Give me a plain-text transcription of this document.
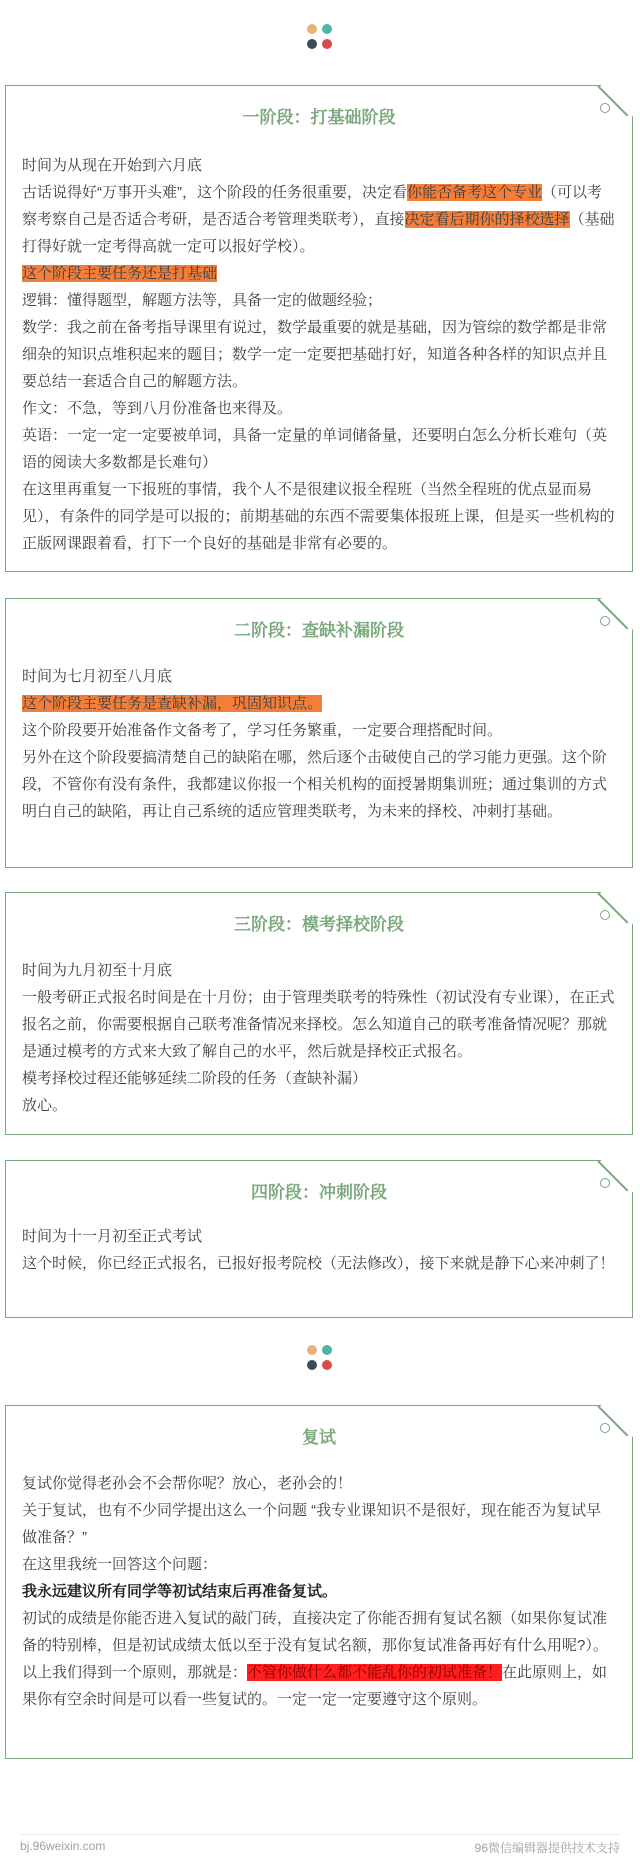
一阶段：打基础阶段

时间为从现在开始到六月底

古话说得好“万事开头难”，这个阶段的任务很重要，决定看你能否备考这个专业（可以考察考察自己是否适合考研，是否适合考管理类联考），直接决定看后期你的择校选择（基础打得好就一定考得高就一定可以报好学校）。

这个阶段主要任务还是打基础

逻辑：懂得题型，解题方法等，具备一定的做题经验；

数学：我之前在备考指导课里有说过，数学最重要的就是基础，因为管综的数学都是非常细杂的知识点堆积起来的题目；数学一定一定要把基础打好，知道各种各样的知识点并且要总结一套适合自己的解题方法。

作文：不急，等到八月份准备也来得及。

英语：一定一定一定要被单词，具备一定量的单词储备量，还要明白怎么分析长难句（英语的阅读大多数都是长难句）

在这里再重复一下报班的事情，我个人不是很建议报全程班（当然全程班的优点显而易见），有条件的同学是可以报的；前期基础的东西不需要集体报班上课，但是买一些机构的正版网课跟着看，打下一个良好的基础是非常有必要的。

二阶段：查缺补漏阶段

时间为七月初至八月底

这个阶段主要任务是查缺补漏，巩固知识点。

这个阶段要开始准备作文备考了，学习任务繁重，一定要合理搭配时间。

另外在这个阶段要搞清楚自己的缺陷在哪，然后逐个击破使自己的学习能力更强。这个阶段，不管你有没有条件，我都建议你报一个相关机构的面授暑期集训班；通过集训的方式明白自己的缺陷，再让自己系统的适应管理类联考，为未来的择校、冲刺打基础。

三阶段：模考择校阶段

时间为九月初至十月底

一般考研正式报名时间是在十月份；由于管理类联考的特殊性（初试没有专业课），在正式报名之前，你需要根据自己联考准备情况来择校。怎么知道自己的联考准备情况呢？那就是通过模考的方式来大致了解自己的水平，然后就是择校正式报名。

模考择校过程还能够延续二阶段的任务（查缺补漏）

放心。

四阶段：冲刺阶段

时间为十一月初至正式考试

这个时候，你已经正式报名，已报好报考院校（无法修改），接下来就是静下心来冲刺了！

复试

复试你觉得老孙会不会帮你呢？放心，老孙会的！

关于复试，也有不少同学提出这么一个问题 “我专业课知识不是很好，现在能否为复试早做准备？”

在这里我统一回答这个问题：

我永远建议所有同学等初试结束后再准备复试。

初试的成绩是你能否进入复试的敲门砖，直接决定了你能否拥有复试名额（如果你复试准备的特别棒，但是初试成绩太低以至于没有复试名额，那你复试准备再好有什么用呢?）。以上我们得到一个原则，那就是：不管你做什么都不能乱你的初试准备！在此原则上，如果你有空余时间是可以看一些复试的。一定一定一定要遵守这个原则。

bj.96weixin.com	96微信编辑器提供技术支持
